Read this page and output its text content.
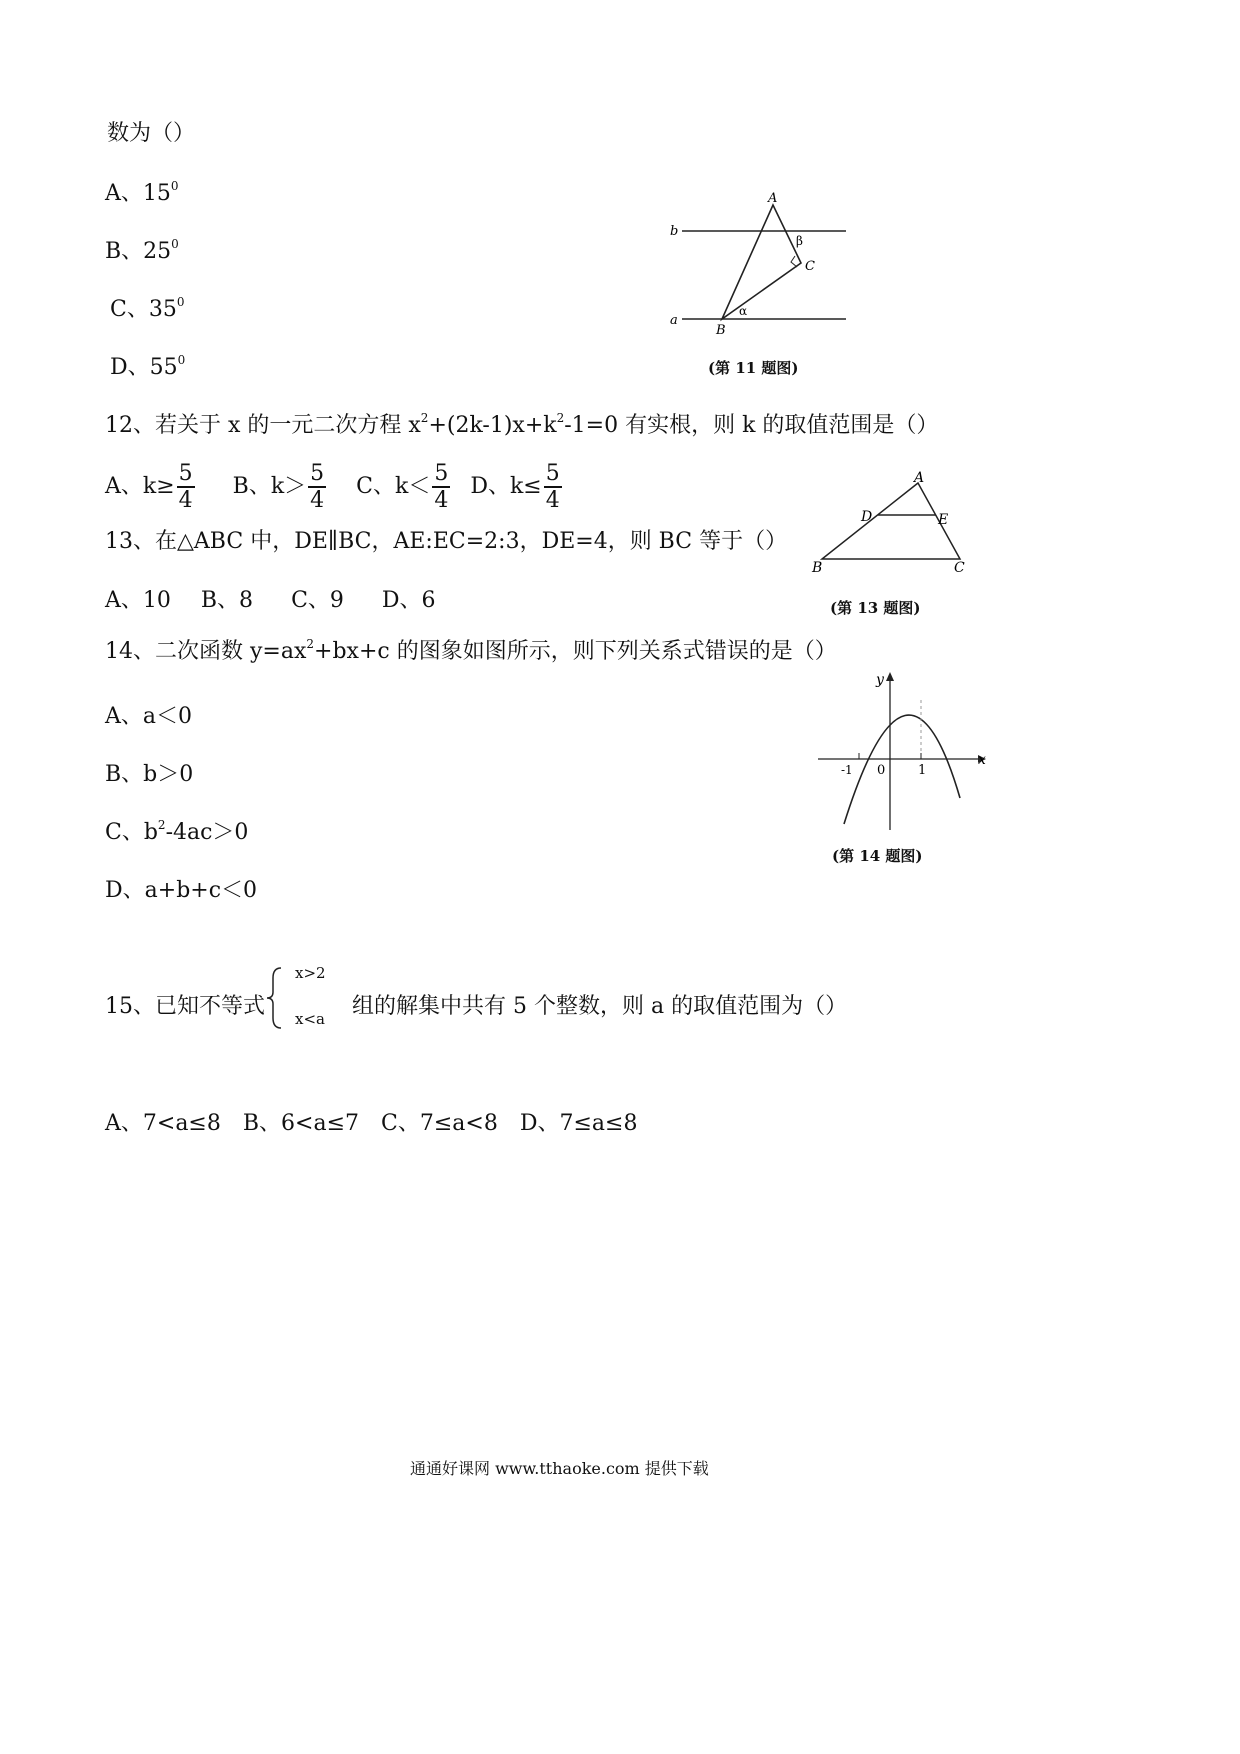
数为（）
A、$15^0$
B、$25^0$
C、$35^0$
D、$55^0$
A
B
C
b
a
α
β
(第 11 题图)
12、若关于 x 的一元二次方程 $x^2+(2k-1)x+k^2-1=0$ 有实根，则 k 的取值范围是（）
A、$k\ge \frac{5}{4}$ B、$k> \frac{5}{4}$ C、$k< \frac{5}{4}$ D、$k\le \frac{5}{4}$
13、在△ABC 中，DE∥BC，AE:EC=2:3，DE=4，则 BC 等于（）
A、10 B、8 C、9 D、6
A
B	C
D	E
(第 13 题图)
14、二次函数 $y=ax^2+bx+c$ 的图象如图所示，则下列关系式错误的是（）
A、a＜0
B、b＞0
C、$b^2-4ac>0$
D、a+b+c＜0
y
x
-1 0	1
(第 14 题图)
15、已知不等式
x>2
x<a 组的解集中共有 5 个整数，则 a 的取值范围为（）
A、7<a≤8 B、6<a≤7 C、7≤a<8 D、7≤a≤8
通通好课网 www.tthaoke.com 提供下载
